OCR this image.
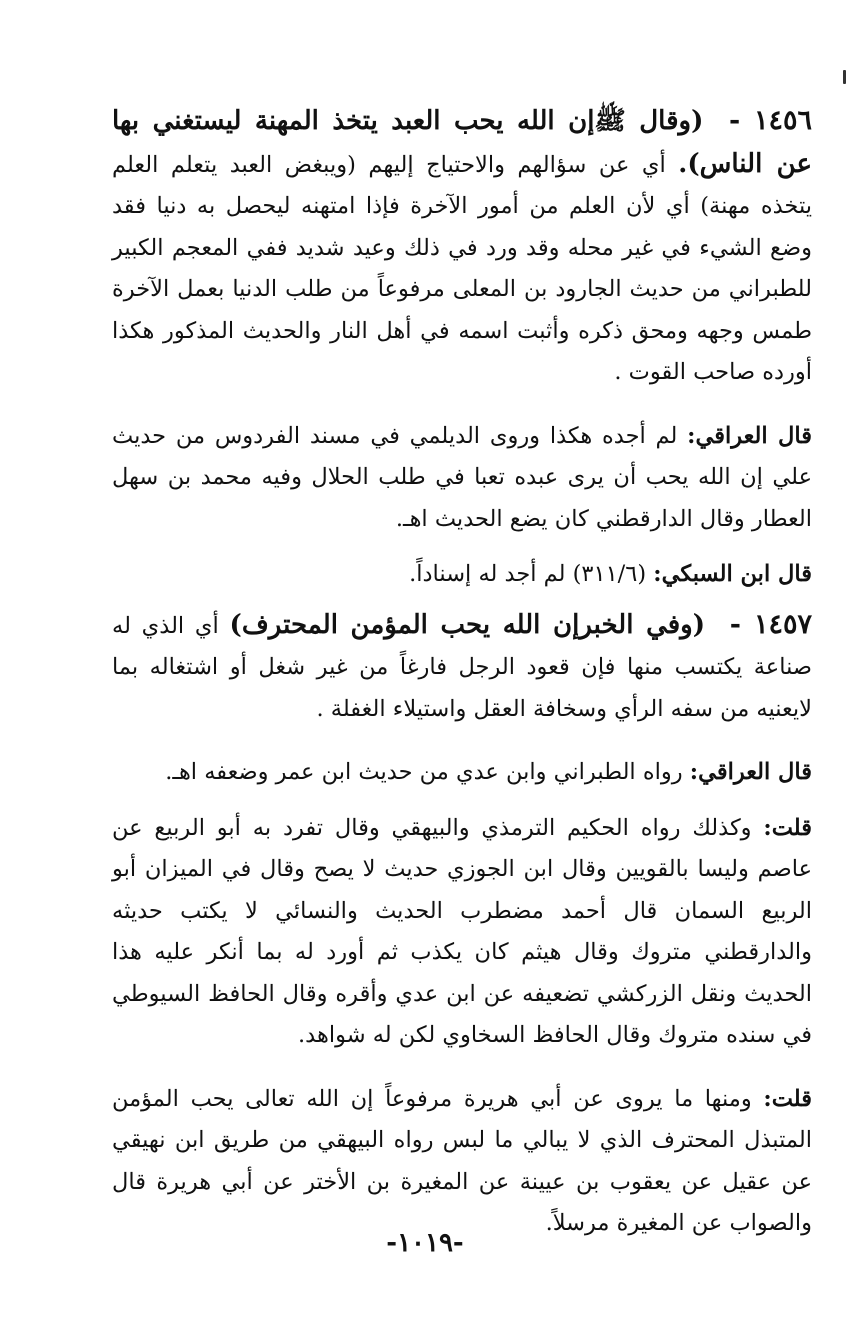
١٤٥٦ - (وقال ﷺإن الله يحب العبد يتخذ المهنة ليستغني بها عن الناس). أي عن سؤالهم والاحتياج إليهم (ويبغض العبد يتعلم العلم يتخذه مهنة) أي لأن العلم من أمور الآخرة فإذا امتهنه ليحصل به دنيا فقد وضع الشيء في غير محله وقد ورد في ذلك وعيد شديد ففي المعجم الكبير للطبراني من حديث الجارود بن المعلى مرفوعاً من طلب الدنيا بعمل الآخرة طمس وجهه ومحق ذكره وأثبت اسمه في أهل النار والحديث المذكور هكذا أورده صاحب القوت .

قال العراقي: لم أجده هكذا وروى الديلمي في مسند الفردوس من حديث علي إن الله يحب أن يرى عبده تعبا في طلب الحلال وفيه محمد بن سهل العطار وقال الدارقطني كان يضع الحديث اهـ.

قال ابن السبكي: (٣١١/٦) لم أجد له إسناداً.

١٤٥٧ - (وفي الخبرإن الله يحب المؤمن المحترف) أي الذي له صناعة يكتسب منها فإن قعود الرجل فارغاً من غير شغل أو اشتغاله بما لايعنيه من سفه الرأي وسخافة العقل واستيلاء الغفلة .

قال العراقي: رواه الطبراني وابن عدي من حديث ابن عمر وضعفه اهـ.

قلت: وكذلك رواه الحكيم الترمذي والبيهقي وقال تفرد به أبو الربيع عن عاصم وليسا بالقويين وقال ابن الجوزي حديث لا يصح وقال في الميزان أبو الربيع السمان قال أحمد مضطرب الحديث والنسائي لا يكتب حديثه والدارقطني متروك وقال هيثم كان يكذب ثم أورد له بما أنكر عليه هذا الحديث ونقل الزركشي تضعيفه عن ابن عدي وأقره وقال الحافظ السيوطي في سنده متروك وقال الحافظ السخاوي لكن له شواهد.

قلت: ومنها ما يروى عن أبي هريرة مرفوعاً إن الله تعالى يحب المؤمن المتبذل المحترف الذي لا يبالي ما لبس رواه البيهقي من طريق ابن نهيقي عن عقيل عن يعقوب بن عيينة عن المغيرة بن الأختر عن أبي هريرة قال والصواب عن المغيرة مرسلاً.

-١٠١٩-
